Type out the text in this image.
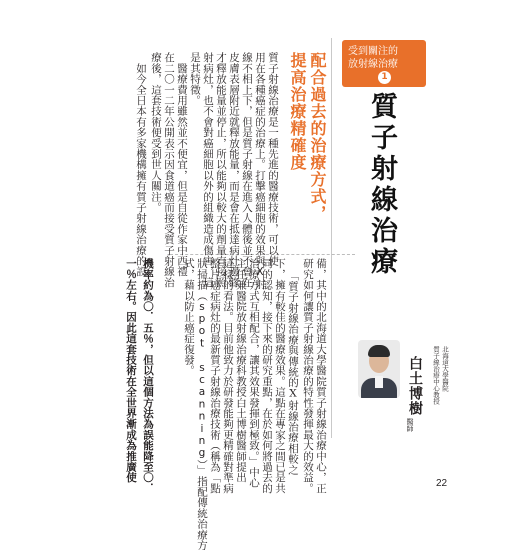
受到關注的
放射線治療
1
質子射線治療
備，其中的北海道大學醫院質子射線治療中心，正
研究如何讓質子射線治療的特性發揮最大的效益。
「質子射線治療與傳統的X射線治療相較之
下，擁有較佳的醫療效果。這點在專家之間已是共
同的認知，接下來的研究重點，在於如何將過去的
治療方式互相配合，讓其效果發揮到極致。」中心
主任兼醫院放射線治療科教授白土博樹醫師提出
這樣的看法。目前他致力於研發能夠更精確對準病
整片癌症病灶的最新質子射線治療技術（稱為「點
狀掃描（spot scanning）」指配傳統治療方
式，藉以防止癌症復發。
機率約為〇．五％，但以這個方法為誤能降至〇．
一％左右。因此這套技術在全世界漸成為推廣使
配合過去的治療方式，
提高治療精確度
質子射線治療是一種先進的醫療技術，可以使
用在各種癌症的治療上。打擊癌細胞的效果與X射
線不相上下，但是質子射線在進入人體後並不會在
皮膚表層附近就釋放能量，而是會在抵達病灶邊緣
才釋放能量並停止，所以能夠以較大的劑量直接照
射病灶，也不會對癌細胞以外的組織造成傷害，這
是其特徵。
　醫療費用雖然並不便宜，但是自從作家中西禮
在二〇一二年公開表示因食道癌而接受質子射線治
療後，這套技術便受到世人關注。
　如今全日本有多家機構擁有質子射線治療的設
北海道大學醫院
質子線治療中心教授
白土博樹
醫師
22
